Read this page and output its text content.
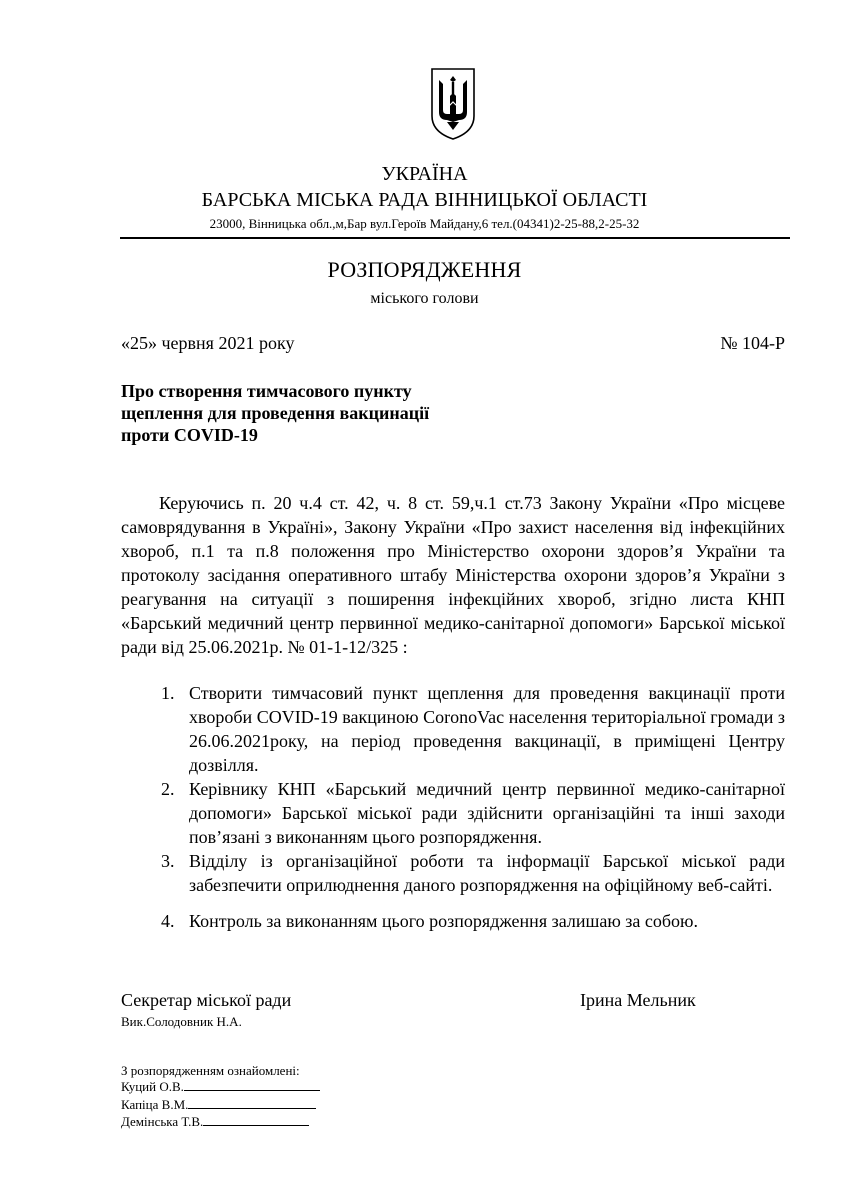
УКРАЇНА
БАРСЬКА МІСЬКА РАДА ВІННИЦЬКОЇ ОБЛАСТІ
23000, Вінницька обл.,м,Бар вул.Героїв Майдану,6 тел.(04341)2-25-88,2-25-32
РОЗПОРЯДЖЕННЯ
міського голови
«25» червня 2021 року	№ 104-Р
Про створення тимчасового пункту
щеплення для проведення вакцинації
проти COVID-19
Керуючись п. 20 ч.4 ст. 42, ч. 8 ст. 59,ч.1 ст.73 Закону України «Про місцеве самоврядування в Україні», Закону України «Про захист населення від інфекційних хвороб, п.1 та п.8 положення про Міністерство охорони здоров’я України та протоколу засідання оперативного штабу Міністерства охорони здоров’я України з реагування на ситуації з поширення інфекційних хвороб, згідно листа КНП «Барський медичний центр первинної медико-санітарної допомоги» Барської міської ради від 25.06.2021р. № 01-1-12/325 :
1. Створити тимчасовий пункт щеплення для проведення вакцинації проти хвороби COVID-19 вакциною CoronoVac населення територіальної громади з 26.06.2021року, на період проведення вакцинації, в приміщені Центру дозвілля.
2. Керівнику КНП «Барський медичний центр первинної медико-санітарної допомоги» Барської міської ради здійснити організаційні та інші заходи пов’язані з виконанням цього розпорядження.
3. Відділу із організаційної роботи та інформації Барської міської ради забезпечити оприлюднення даного розпорядження на офіційному веб-сайті.
4. Контроль за виконанням цього розпорядження залишаю за собою.
Секретар міської ради	Ірина Мельник
Вик.Солодовник Н.А.
З розпорядженням ознайомлені:
Куций О.В.
Капіца В.М.
Демінська Т.В.
